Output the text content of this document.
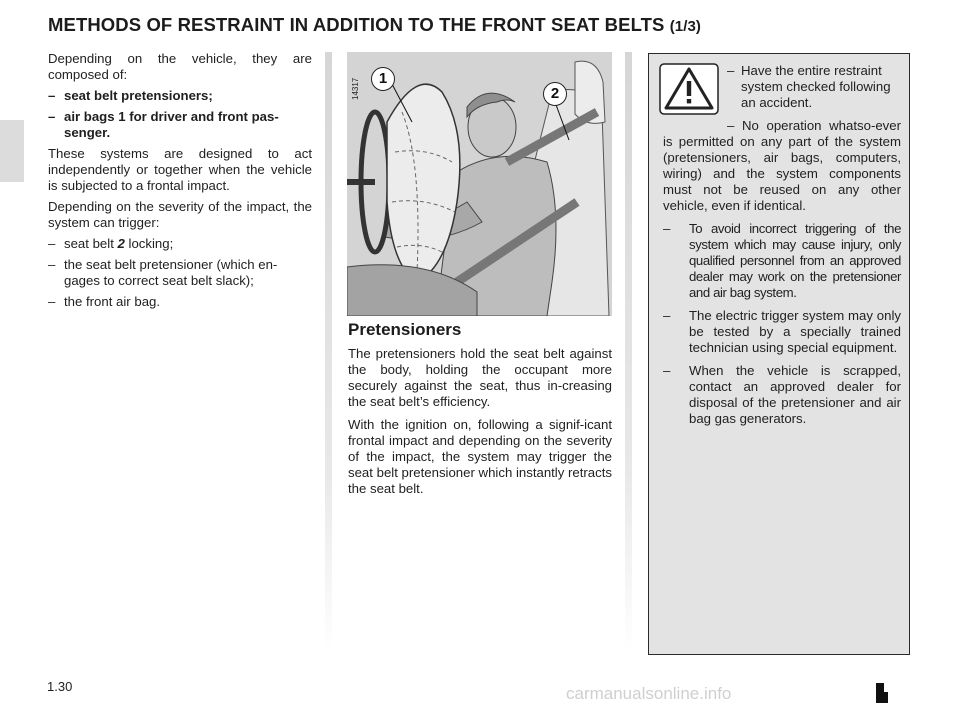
METHODS OF RESTRAINT IN ADDITION TO THE FRONT SEAT BELTS (1/3)

Depending on the vehicle, they are composed of:

– seat belt pretensioners;
– air bags 1 for driver and front pas-senger.

These systems are designed to act independently or together when the vehicle is subjected to a frontal impact.

Depending on the severity of the impact, the system can trigger:

– seat belt 2 locking;
– the seat belt pretensioner (which en-gages to correct seat belt slack);
– the front air bag.
14317	1
2
Pretensioners

The pretensioners hold the seat belt against the body, holding the occupant more securely against the seat, thus in-creasing the seat belt’s efficiency.

With the ignition on, following a signif-icant frontal impact and depending on the severity of the impact, the system may trigger the seat belt pretensioner which instantly retracts the seat belt.

– Have the entire restraint system checked following an accident.
– No operation whatso-ever is permitted on any part of the system (pretensioners, air bags, computers, wiring) and the system components must not be reused on any other vehicle, even if identical.
– To avoid incorrect triggering of the system which may cause injury, only qualified personnel from an approved dealer may work on the pretensioner and air bag system.
– The electric trigger system may only be tested by a specially trained technician using special equipment.
– When the vehicle is scrapped, contact an approved dealer for disposal of the pretensioner and air bag gas generators.
1.30	carmanualsonline.info
